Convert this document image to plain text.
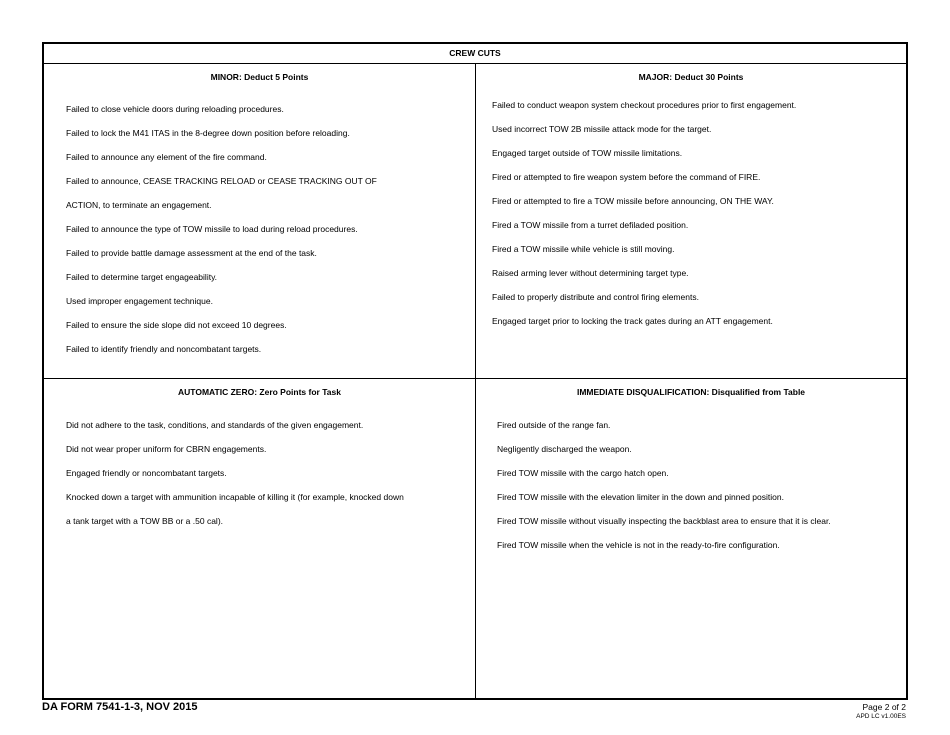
CREW CUTS
MINOR: Deduct 5 Points
Failed to close vehicle doors during reloading procedures.
Failed to lock the M41 ITAS in the 8-degree down position before reloading.
Failed to announce any element of the fire command.
Failed to announce, CEASE TRACKING RELOAD or CEASE TRACKING OUT OF
ACTION, to terminate an engagement.
Failed to announce the type of TOW missile to load during reload procedures.
Failed to provide battle damage assessment at the end of the task.
Failed to determine target engageability.
Used improper engagement technique.
Failed to ensure the side slope did not exceed 10 degrees.
Failed to identify friendly and noncombatant targets.
MAJOR: Deduct 30 Points
Failed to conduct weapon system checkout procedures prior to first engagement.
Used incorrect TOW 2B missile attack mode for the target.
Engaged target outside of TOW missile limitations.
Fired or attempted to fire weapon system before the command of FIRE.
Fired or attempted to fire a TOW missile before announcing, ON THE WAY.
Fired a TOW missile from a turret defiladed position.
Fired a TOW missile while vehicle is still moving.
Raised arming lever without determining target type.
Failed to properly distribute and control firing elements.
Engaged target prior to locking the track gates during an ATT engagement.
AUTOMATIC ZERO: Zero Points for Task
Did not adhere to the task, conditions, and standards of the given engagement.
Did not wear proper uniform for CBRN engagements.
Engaged friendly or noncombatant targets.
Knocked down a target with ammunition incapable of killing it (for example, knocked down
a tank target with a TOW BB or a .50 cal).
IMMEDIATE DISQUALIFICATION: Disqualified from Table
Fired outside of the range fan.
Negligently discharged the weapon.
Fired TOW missile with the cargo hatch open.
Fired TOW missile with the elevation limiter in the down and pinned position.
Fired TOW missile without visually inspecting the backblast area to ensure that it is clear.
Fired TOW missile when the vehicle is not in the ready-to-fire configuration.
DA FORM 7541-1-3, NOV 2015	Page 2 of 2
APD LC v1.00ES
